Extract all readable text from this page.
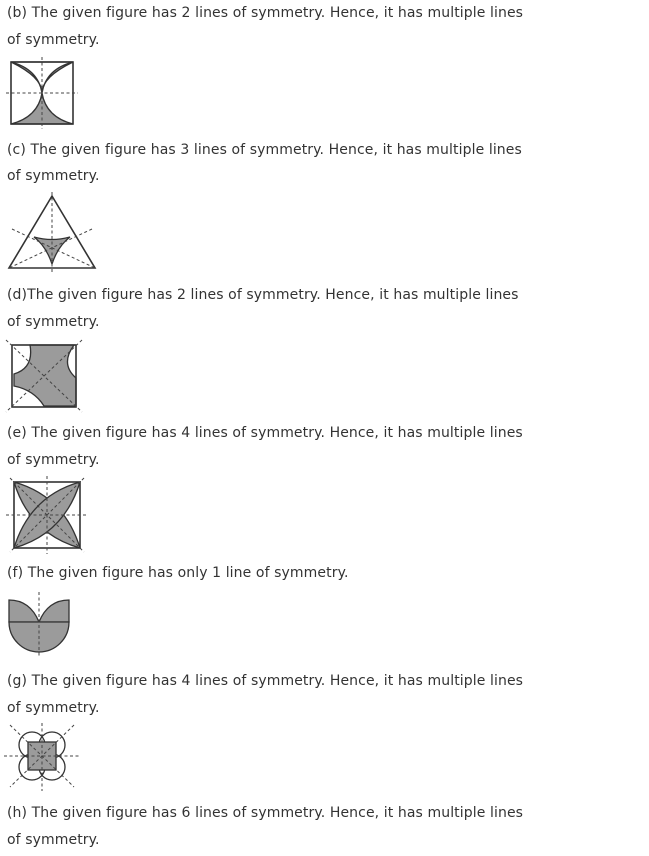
(b) The given figure has 2 lines of symmetry. Hence, it has multiple lines
of symmetry.
(c) The given figure has 3 lines of symmetry. Hence, it has multiple lines
of symmetry.
(d)The given figure has 2 lines of symmetry. Hence, it has multiple lines
of symmetry.
(e) The given figure has 4 lines of symmetry. Hence, it has multiple lines
of symmetry.
(f) The given figure has only 1 line of symmetry.
(g) The given figure has 4 lines of symmetry. Hence, it has multiple lines
of symmetry.
(h) The given figure has 6 lines of symmetry. Hence, it has multiple lines
of symmetry.
